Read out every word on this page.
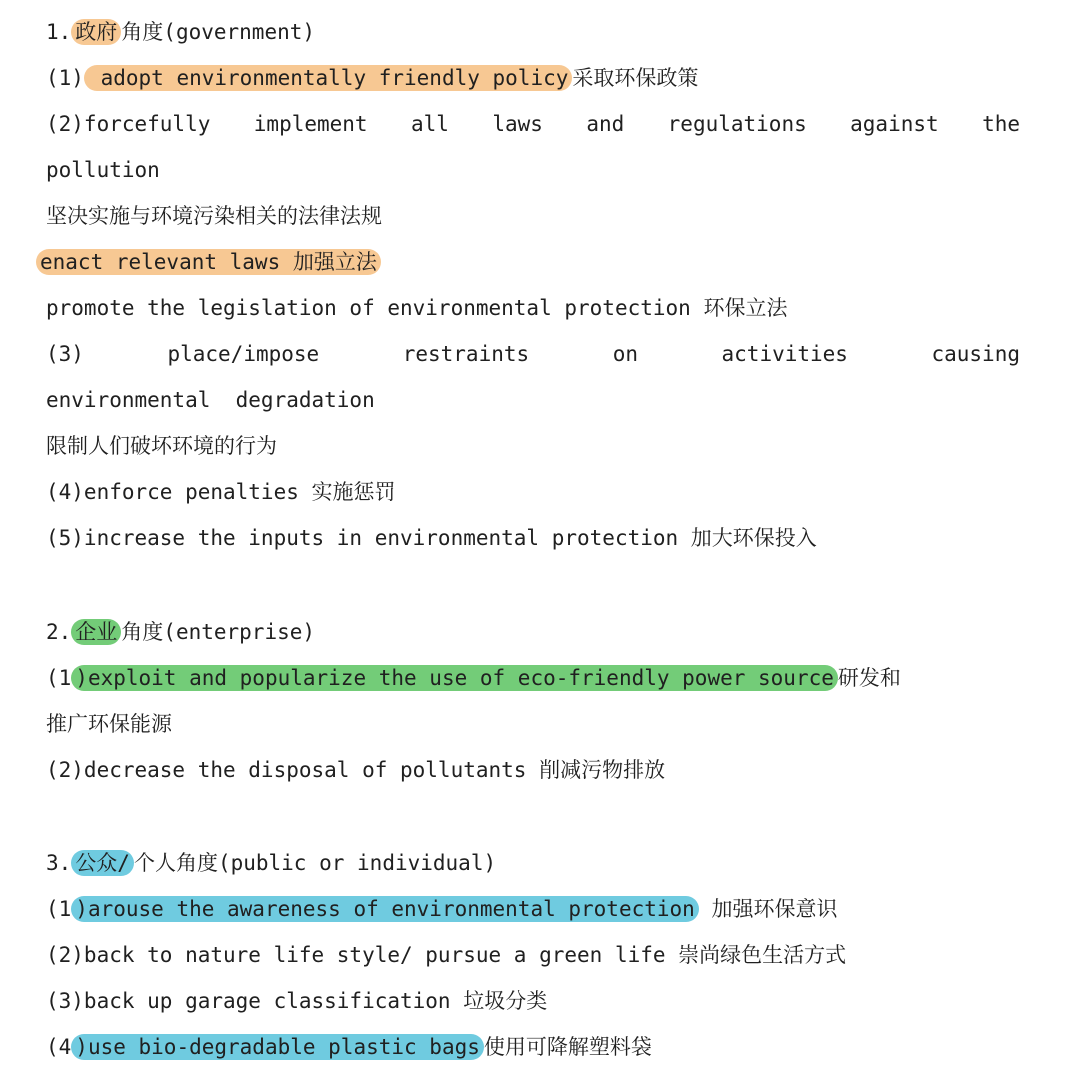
1. 政府 角度(government)
(1) adopt environmentally friendly policy 采取环保政策
(2)forcefully implement all laws and regulations against the
pollution
坚决实施与环境污染相关的法律法规
enact relevant laws 加强立法
promote the legislation of environmental protection 环保立法
(3)	place/impose	restraints	on	activities	causing
environmental  degradation
限制人们破坏环境的行为
(4)enforce penalties 实施惩罚
(5)increase the inputs in environmental protection 加大环保投入
2. 企业 角度(enterprise)
(1 )exploit and popularize the use of eco-friendly power source 研发和
推广环保能源
(2)decrease the disposal of pollutants 削减污物排放
3. 公众/ 个人角度(public or individual)
(1 )arouse the awareness of environmental protection 加强环保意识
(2)back to nature life style/ pursue a green life 崇尚绿色生活方式
(3)back up garage classification 垃圾分类
(4 )use bio-degradable plastic bags 使用可降解塑料袋
